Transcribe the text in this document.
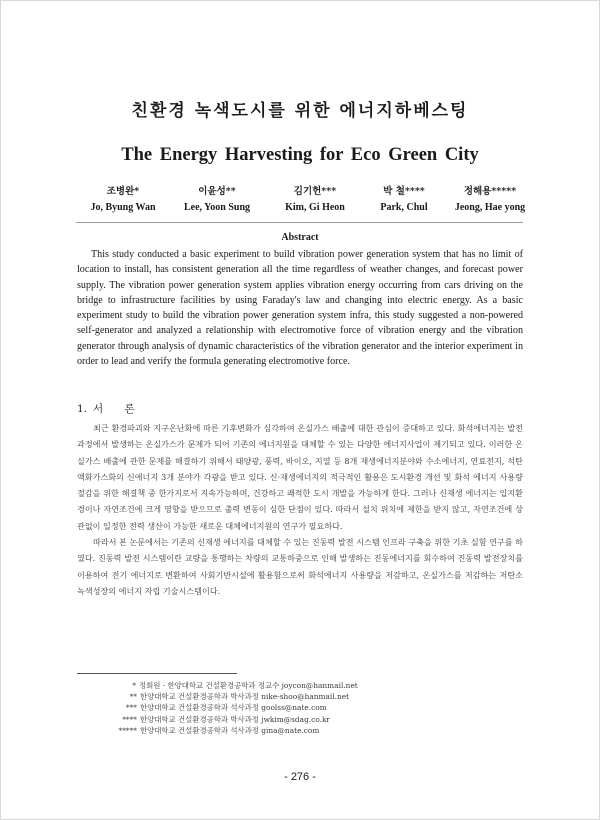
친환경 녹색도시를 위한 에너지하베스팅
The Energy Harvesting for Eco Green City
조병완*
Jo, Byung Wan
이윤성**
Lee, Yoon Sung
김기헌***
Kim, Gi Heon
박 철****
Park, Chul
정해용*****
Jeong, Hae yong
Abstract

This study conducted a basic experiment to build vibration power generation system that has no limit of location to install, has consistent generation all the time regardless of weather changes, and forecast power supply. The vibration power generation system applies vibration energy occurring from cars driving on the bridge to infrastructure facilities by using Faraday's law and changing into electric energy. As a basic experiment study to build the vibration power generation system infra, this study suggested a non-powered self-generator and analyzed a relationship with electromotive force of vibration energy and the vibration generator through analysis of dynamic characteristics of the vibration generator and the interior experiment in order to lead and verify the formula generating electromotive force.

1. 서 론

최근 환경파괴와 지구온난화에 따른 기후변화가 심각하여 온실가스 배출에 대한 관심이 증대하고 있다. 화석에너지는 발전과정에서 발생하는 온실가스가 문제가 되어 기존의 에너지원을 대체할 수 있는 다양한 에너지사업이 제기되고 있다. 이러한 온실가스 배출에 관한 문제를 해결하기 위해서 태양광, 풍력, 바이오, 지열 등 8개 재생에너지분야와 수소에너지, 연료전지, 석탄액화가스화의 신에너지 3개 분야가 각광을 받고 있다. 신·재생에너지의 적극적인 활용은 도시환경 개선 및 화석 에너지 사용량 절감을 위한 해결책 중 한가지로서 지속가능하며, 건강하고 쾌적한 도시 개발을 가능하게 한다. 그러나 신재생 에너지는 입지환경이나 자연조건에 크게 영향을 받으므로 출력 변동이 심한 단점이 있다. 따라서 설치 위치에 제한을 받지 않고, 자연조건에 상관없이 일정한 전력 생산이 가능한 새로운 대체에너지원의 연구가 필요하다.

따라서 본 논문에서는 기존의 신재생 에너지를 대체할 수 있는 진동력 발전 시스템 인프라 구축을 위한 기초 실험 연구를 하였다. 진동력 발전 시스템이란 교량을 통행하는 차량의 교통하중으로 인해 발생하는 진동에너지를 회수하여 진동력 발전장치를 이용하여 전기 에너지로 변환하여 사회기반시설에 활용함으로써 화석에너지 사용량을 저감하고, 온실가스를 저감하는 저탄소 녹색성장의 에너지 자립 기술시스템이다.

* 정회원 · 한양대학교 건설환경공학과 정교수 joycon@hanmail.net
** 한양대학교 건설환경공학과 박사과정 nike-shoo@hanmail.net
*** 한양대학교 건설환경공학과 석사과정 goolss@nate.com
**** 한양대학교 건설환경공학과 박사과정 jwkim@sdag.co.kr
***** 한양대학교 건설환경공학과 석사과정 gina@nate.com
- 276 -
